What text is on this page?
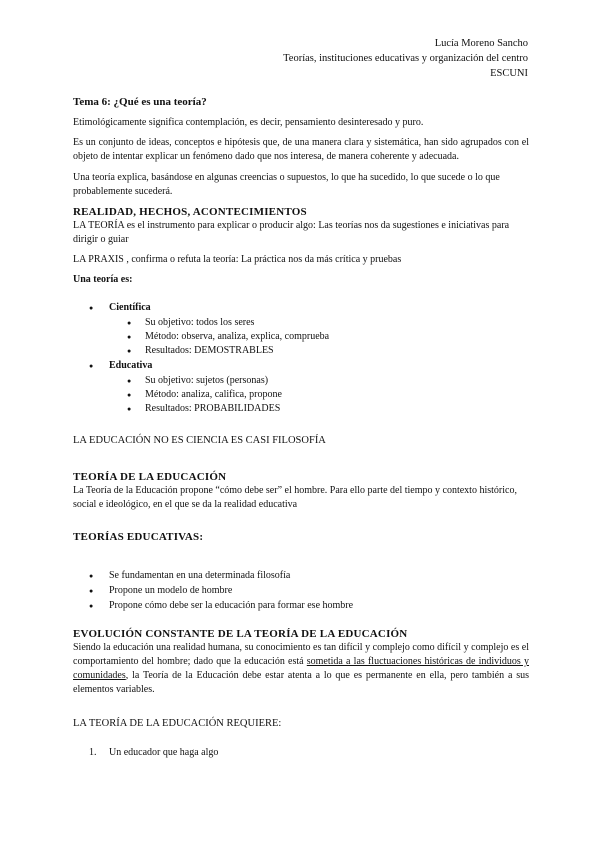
Lucía Moreno Sancho
Teorías, instituciones educativas y organización del centro
ESCUNI

Tema 6: ¿Qué es una teoría?

Etimológicamente significa contemplación, es decir, pensamiento desinteresado y puro.

Es un conjunto de ideas, conceptos e hipótesis que, de una manera clara y sistemática, han sido agrupados con el objeto de intentar explicar un fenómeno dado que nos interesa, de manera coherente y adecuada.

Una teoría explica, basándose en algunas creencias o supuestos, lo que ha sucedido, lo que sucede o lo que probablemente sucederá.

REALIDAD, HECHOS, ACONTECIMIENTOS

LA TEORÍA es el instrumento para explicar o producir algo: Las teorías nos da sugestiones e iniciativas para dirigir o guiar

LA PRAXIS , confirma o refuta la teoría: La práctica nos da más crítica y pruebas

Una teoría es:

● Científica
● Su objetivo: todos los seres
● Método: observa, analiza, explica, comprueba
● Resultados: DEMOSTRABLES
● Educativa
● Su objetivo: sujetos (personas)
● Método: analiza, califica, propone
● Resultados: PROBABILIDADES

LA EDUCACIÓN NO ES CIENCIA ES CASI FILOSOFÍA

TEORÍA DE LA EDUCACIÓN

La Teoría de la Educación propone “cómo debe ser” el hombre. Para ello parte del tiempo y contexto histórico, social e ideológico, en el que se da la realidad educativa

TEORÍAS EDUCATIVAS:

● Se fundamentan en una determinada filosofía
● Propone un modelo de hombre
● Propone cómo debe ser la educación para formar ese hombre

EVOLUCIÓN CONSTANTE DE LA TEORÍA DE LA EDUCACIÓN

Siendo la educación una realidad humana, su conocimiento es tan difícil y complejo como difícil y complejo es el comportamiento del hombre; dado que la educación está sometida a las fluctuaciones históricas de individuos y comunidades, la Teoría de la Educación debe estar atenta a lo que es permanente en ella, pero también a sus elementos variables.

LA TEORÍA DE LA EDUCACIÓN REQUIERE:

1. Un educador que haga algo
